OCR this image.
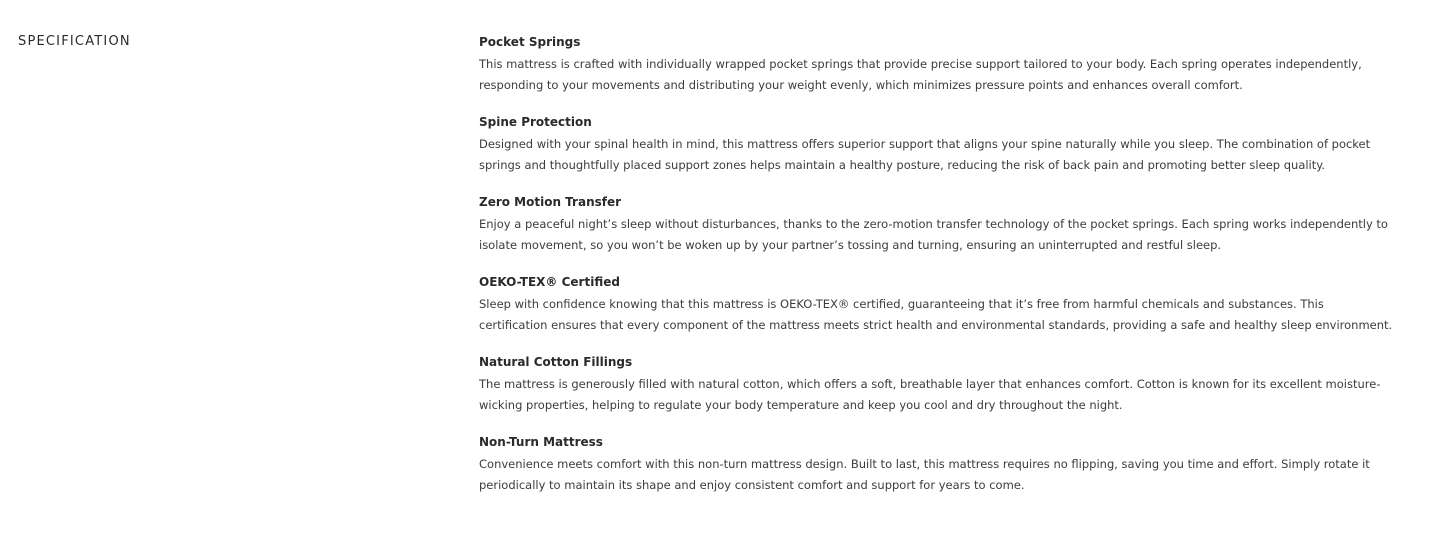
SPECIFICATION	Pocket Springs

This mattress is crafted with individually wrapped pocket springs that provide precise support tailored to your body. Each spring operates independently, responding to your movements and distributing your weight evenly, which minimizes pressure points and enhances overall comfort.

Spine Protection

Designed with your spinal health in mind, this mattress offers superior support that aligns your spine naturally while you sleep. The combination of pocket springs and thoughtfully placed support zones helps maintain a healthy posture, reducing the risk of back pain and promoting better sleep quality.

Zero Motion Transfer

Enjoy a peaceful night’s sleep without disturbances, thanks to the zero-motion transfer technology of the pocket springs. Each spring works independently to isolate movement, so you won’t be woken up by your partner’s tossing and turning, ensuring an uninterrupted and restful sleep.

OEKO-TEX® Certified

Sleep with confidence knowing that this mattress is OEKO-TEX® certified, guaranteeing that it’s free from harmful chemicals and substances. This certification ensures that every component of the mattress meets strict health and environmental standards, providing a safe and healthy sleep environment.

Natural Cotton Fillings

The mattress is generously filled with natural cotton, which offers a soft, breathable layer that enhances comfort. Cotton is known for its excellent moisture-wicking properties, helping to regulate your body temperature and keep you cool and dry throughout the night.

Non-Turn Mattress

Convenience meets comfort with this non-turn mattress design. Built to last, this mattress requires no flipping, saving you time and effort. Simply rotate it periodically to maintain its shape and enjoy consistent comfort and support for years to come.
